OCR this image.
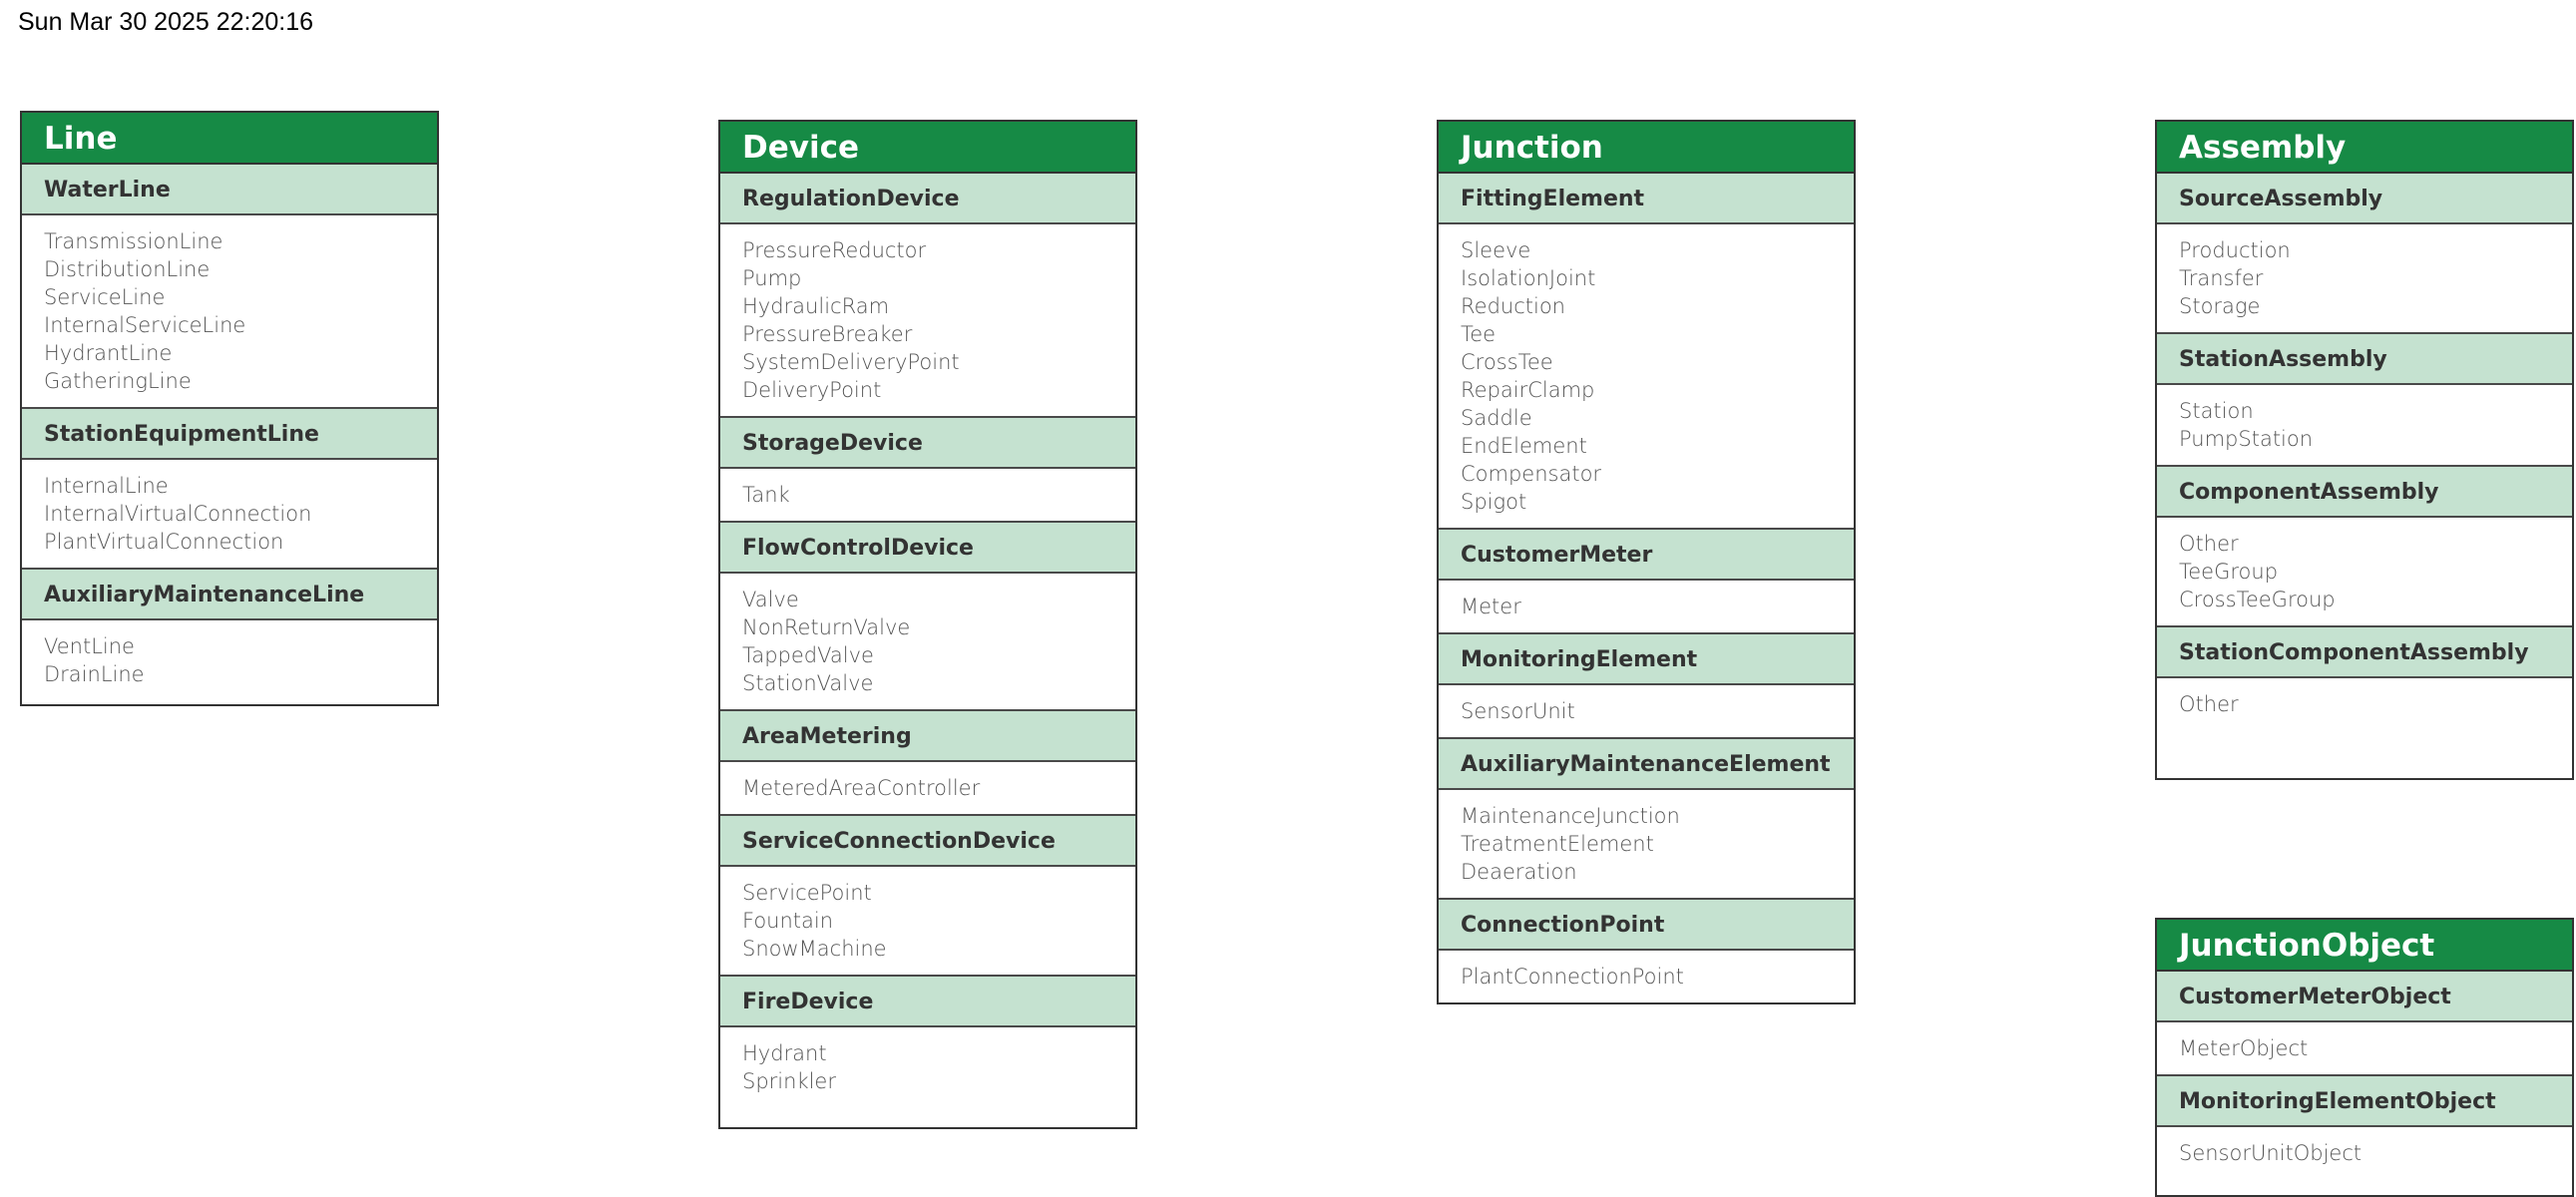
Sun Mar 30 2025 22:20:16
Line
WaterLine
TransmissionLine
DistributionLine
ServiceLine
InternalServiceLine
HydrantLine
GatheringLine
StationEquipmentLine
InternalLine
InternalVirtualConnection
PlantVirtualConnection
AuxiliaryMaintenanceLine
VentLine
DrainLine
Device
RegulationDevice
PressureReductor
Pump
HydraulicRam
PressureBreaker
SystemDeliveryPoint
DeliveryPoint
StorageDevice
Tank
FlowControlDevice
Valve
NonReturnValve
TappedValve
StationValve
AreaMetering
MeteredAreaController
ServiceConnectionDevice
ServicePoint
Fountain
SnowMachine
FireDevice
Hydrant
Sprinkler
Junction
FittingElement
Sleeve
IsolationJoint
Reduction
Tee
CrossTee
RepairClamp
Saddle
EndElement
Compensator
Spigot
CustomerMeter
Meter
MonitoringElement
SensorUnit
AuxiliaryMaintenanceElement
MaintenanceJunction
TreatmentElement
Deaeration
ConnectionPoint
PlantConnectionPoint
Assembly
SourceAssembly
Production
Transfer
Storage
StationAssembly
Station
PumpStation
ComponentAssembly
Other
TeeGroup
CrossTeeGroup
StationComponentAssembly
Other
JunctionObject
CustomerMeterObject
MeterObject
MonitoringElementObject
SensorUnitObject
